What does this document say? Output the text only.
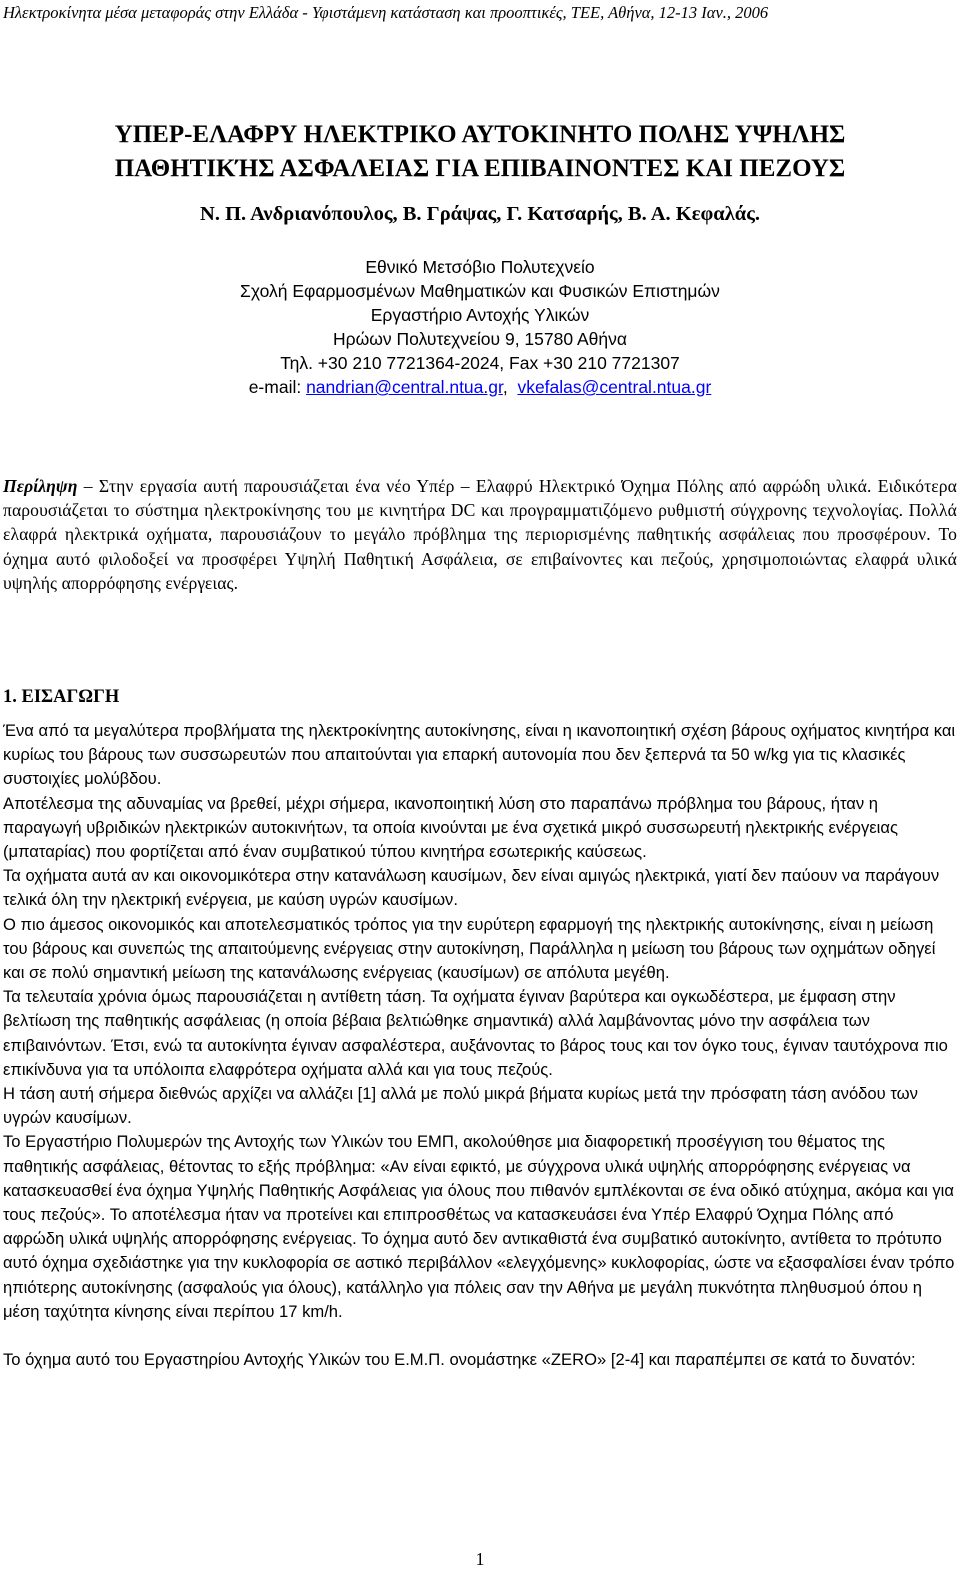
Ηλεκτροκίνητα μέσα μεταφοράς στην Ελλάδα - Υφιστάμενη κατάσταση και προοπτικές, ΤΕΕ, Αθήνα, 12-13 Ιαν., 2006
ΥΠΕΡ-ΕΛΑΦΡΥ ΗΛΕΚΤΡΙΚΟ ΑΥΤΟΚΙΝΗΤΟ ΠΟΛΗΣ ΥΨΗΛΗΣ
ΠΑΘΗΤΙΚΉΣ ΑΣΦΑΛΕΙΑΣ ΓΙΑ ΕΠΙΒΑΙΝΟΝΤΕΣ ΚΑΙ ΠΕΖΟΥΣ
Ν. Π. Ανδριανόπουλος, Β. Γράψας, Γ. Κατσαρής, Β. Α. Κεφαλάς.
Εθνικό Μετσόβιο Πολυτεχνείο
Σχολή Εφαρμοσμένων Μαθηματικών και Φυσικών Επιστημών
Εργαστήριο Αντοχής Υλικών
Ηρώων Πολυτεχνείου 9, 15780 Αθήνα
Τηλ. +30 210 7721364-2024, Fax +30 210 7721307
e-mail: nandrian@central.ntua.gr,  vkefalas@central.ntua.gr
Περίληψη – Στην εργασία αυτή παρουσιάζεται ένα νέο Υπέρ – Ελαφρύ Ηλεκτρικό Όχημα Πόλης από αφρώδη υλικά. Ειδικότερα παρουσιάζεται το σύστημα ηλεκτροκίνησης του με κινητήρα DC και προγραμματιζόμενο ρυθμιστή σύγχρονης τεχνολογίας. Πολλά ελαφρά ηλεκτρικά οχήματα, παρουσιάζουν το μεγάλο πρόβλημα της περιορισμένης παθητικής ασφάλειας που προσφέρουν. Το όχημα αυτό φιλοδοξεί να προσφέρει Υψηλή Παθητική Ασφάλεια, σε επιβαίνοντες και πεζούς, χρησιμοποιώντας ελαφρά υλικά υψηλής απορρόφησης ενέργειας.
1. ΕΙΣΑΓΩΓΗ

Ένα από τα μεγαλύτερα προβλήματα της ηλεκτροκίνητης αυτοκίνησης, είναι η ικανοποιητική σχέση βάρους οχήματος κινητήρα και κυρίως του βάρους των συσσωρευτών που απαιτούνται για επαρκή αυτονομία που δεν ξεπερνά τα 50 w/kg για τις κλασικές συστοιχίες μολύβδου.

Αποτέλεσμα της αδυναμίας να βρεθεί, μέχρι σήμερα, ικανοποιητική λύση στο παραπάνω πρόβλημα του βάρους, ήταν η παραγωγή υβριδικών ηλεκτρικών αυτοκινήτων, τα οποία κινούνται με ένα σχετικά μικρό συσσωρευτή ηλεκτρικής ενέργειας (μπαταρίας) που φορτίζεται από έναν συμβατικού τύπου κινητήρα εσωτερικής καύσεως.

Τα οχήματα αυτά αν και οικονομικότερα στην κατανάλωση καυσίμων, δεν είναι αμιγώς ηλεκτρικά, γιατί δεν παύουν να παράγουν τελικά όλη την ηλεκτρική ενέργεια, με καύση υγρών καυσίμων.

Ο πιο άμεσος οικονομικός και αποτελεσματικός τρόπος για την ευρύτερη εφαρμογή της ηλεκτρικής αυτοκίνησης, είναι η μείωση του βάρους και συνεπώς της απαιτούμενης ενέργειας στην αυτοκίνηση, Παράλληλα η μείωση του βάρους των οχημάτων οδηγεί και σε πολύ σημαντική μείωση της κατανάλωσης ενέργειας (καυσίμων) σε απόλυτα μεγέθη.

Τα τελευταία χρόνια όμως παρουσιάζεται η αντίθετη τάση. Τα οχήματα έγιναν βαρύτερα και ογκωδέστερα, με έμφαση στην βελτίωση της παθητικής ασφάλειας (η οποία βέβαια βελτιώθηκε σημαντικά) αλλά λαμβάνοντας μόνο την ασφάλεια των επιβαινόντων. Έτσι, ενώ τα αυτοκίνητα έγιναν ασφαλέστερα, αυξάνοντας το βάρος τους και τον όγκο τους, έγιναν ταυτόχρονα πιο επικίνδυνα για τα υπόλοιπα ελαφρότερα οχήματα αλλά και για τους πεζούς.

Η τάση αυτή σήμερα διεθνώς αρχίζει να αλλάζει [1] αλλά με πολύ μικρά βήματα κυρίως μετά την πρόσφατη τάση ανόδου των υγρών καυσίμων.

Το Εργαστήριο Πολυμερών της Αντοχής των Υλικών του ΕΜΠ, ακολούθησε μια διαφορετική προσέγγιση του θέματος της παθητικής ασφάλειας, θέτοντας το εξής πρόβλημα: «Αν είναι εφικτό, με σύγχρονα υλικά υψηλής απορρόφησης ενέργειας να κατασκευασθεί ένα όχημα Υψηλής Παθητικής Ασφάλειας για όλους που πιθανόν εμπλέκονται σε ένα οδικό ατύχημα, ακόμα και για τους πεζούς». Το αποτέλεσμα ήταν να προτείνει και επιπροσθέτως να κατασκευάσει ένα Υπέρ Ελαφρύ Όχημα Πόλης από αφρώδη υλικά υψηλής απορρόφησης ενέργειας. Το όχημα αυτό δεν αντικαθιστά ένα συμβατικό αυτοκίνητο, αντίθετα το πρότυπο αυτό όχημα σχεδιάστηκε για την κυκλοφορία σε αστικό περιβάλλον «ελεγχόμενης» κυκλοφορίας, ώστε να εξασφαλίσει έναν τρόπο ηπιότερης αυτοκίνησης (ασφαλούς για όλους), κατάλληλο για πόλεις σαν την Αθήνα με μεγάλη πυκνότητα πληθυσμού όπου η μέση ταχύτητα κίνησης είναι περίπου 17 km/h.

Το όχημα αυτό του Εργαστηρίου Αντοχής Υλικών του Ε.Μ.Π. ονομάστηκε «ZERO» [2-4] και παραπέμπει σε κατά το δυνατόν:

1
